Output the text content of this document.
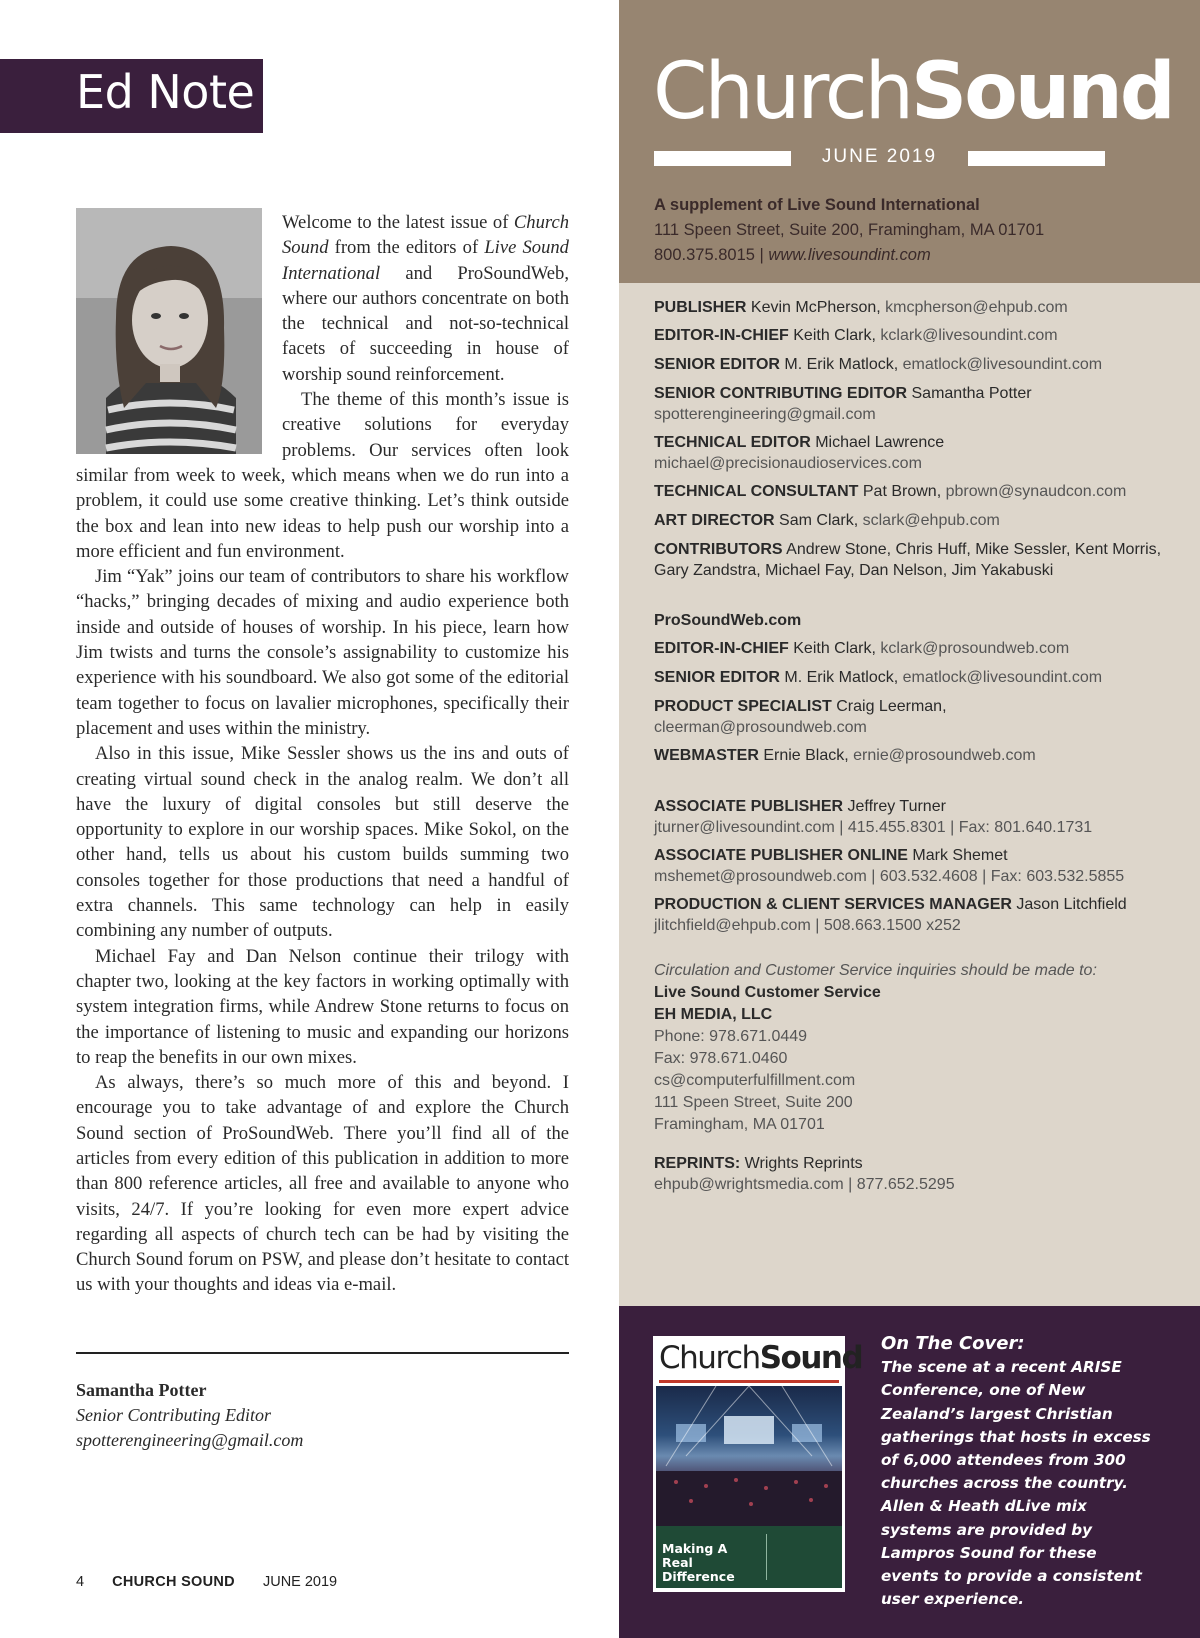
Ed Note

Welcome to the latest issue of Church Sound from the editors of Live Sound International and ProSoundWeb, where our authors concentrate on both the technical and not-so-technical facets of succeeding in house of worship sound reinforcement.

The theme of this month’s issue is creative solutions for everyday problems. Our services often look similar from week to week, which means when we do run into a problem, it could use some creative thinking. Let’s think outside the box and lean into new ideas to help push our worship into a more efficient and fun environment.

Jim “Yak” joins our team of contributors to share his workflow “hacks,” bringing decades of mixing and audio experience both inside and outside of houses of worship. In his piece, learn how Jim twists and turns the console’s assignability to customize his experience with his soundboard. We also got some of the editorial team together to focus on lavalier microphones, specifically their placement and uses within the ministry.

Also in this issue, Mike Sessler shows us the ins and outs of creating virtual sound check in the analog realm. We don’t all have the luxury of digital consoles but still deserve the opportunity to explore in our worship spaces. Mike Sokol, on the other hand, tells us about his custom builds summing two consoles together for those productions that need a handful of extra channels. This same technology can help in easily combining any number of outputs.

Michael Fay and Dan Nelson continue their trilogy with chapter two, looking at the key factors in working optimally with system integration firms, while Andrew Stone returns to focus on the importance of listening to music and expanding our horizons to reap the benefits in our own mixes.

As always, there’s so much more of this and beyond. I encourage you to take advantage of and explore the Church Sound section of ProSoundWeb. There you’ll find all of the articles from every edition of this publication in addition to more than 800 reference articles, all free and available to anyone who visits, 24/7. If you’re looking for even more expert advice regarding all aspects of church tech can be had by visiting the Church Sound forum on PSW, and please don’t hesitate to contact us with your thoughts and ideas via e-mail.

Samantha Potter
Senior Contributing Editor
spotterengineering@gmail.com
4 CHURCH SOUND JUNE 2019
ChurchSound
JUNE 2019
A supplement of Live Sound International
111 Speen Street, Suite 200, Framingham, MA 01701
800.375.8015 | www.livesoundint.com
PUBLISHER Kevin McPherson, kmcpherson@ehpub.com
EDITOR-IN-CHIEF Keith Clark, kclark@livesoundint.com
SENIOR EDITOR M. Erik Matlock, ematlock@livesoundint.com
SENIOR CONTRIBUTING EDITOR Samantha Potter
spotterengineering@gmail.com
TECHNICAL EDITOR Michael Lawrence
michael@precisionaudioservices.com
TECHNICAL CONSULTANT Pat Brown, pbrown@synaudcon.com
ART DIRECTOR Sam Clark, sclark@ehpub.com
CONTRIBUTORS Andrew Stone, Chris Huff, Mike Sessler, Kent Morris, Gary Zandstra, Michael Fay, Dan Nelson, Jim Yakabuski
ProSoundWeb.com
EDITOR-IN-CHIEF Keith Clark, kclark@prosoundweb.com
SENIOR EDITOR M. Erik Matlock, ematlock@livesoundint.com
PRODUCT SPECIALIST Craig Leerman,
cleerman@prosoundweb.com
WEBMASTER Ernie Black, ernie@prosoundweb.com
ASSOCIATE PUBLISHER Jeffrey Turner
jturner@livesoundint.com | 415.455.8301 | Fax: 801.640.1731
ASSOCIATE PUBLISHER ONLINE Mark Shemet
mshemet@prosoundweb.com | 603.532.4608 | Fax: 603.532.5855
PRODUCTION & CLIENT SERVICES MANAGER Jason Litchfield
jlitchfield@ehpub.com | 508.663.1500 x252
Circulation and Customer Service inquiries should be made to:
Live Sound Customer Service
EH MEDIA, LLC
Phone: 978.671.0449
Fax: 978.671.0460
cs@computerfulfillment.com
111 Speen Street, Suite 200
Framingham, MA 01701
REPRINTS: Wrights Reprints
ehpub@wrightsmedia.com | 877.652.5295
ChurchSound
Making A Real Difference
On The Cover:
The scene at a recent ARISE Conference, one of New Zealand’s largest Christian gatherings that hosts in excess of 6,000 attendees from 300 churches across the country. Allen & Heath dLive mix systems are provided by Lampros Sound for these events to provide a consistent user experience.
